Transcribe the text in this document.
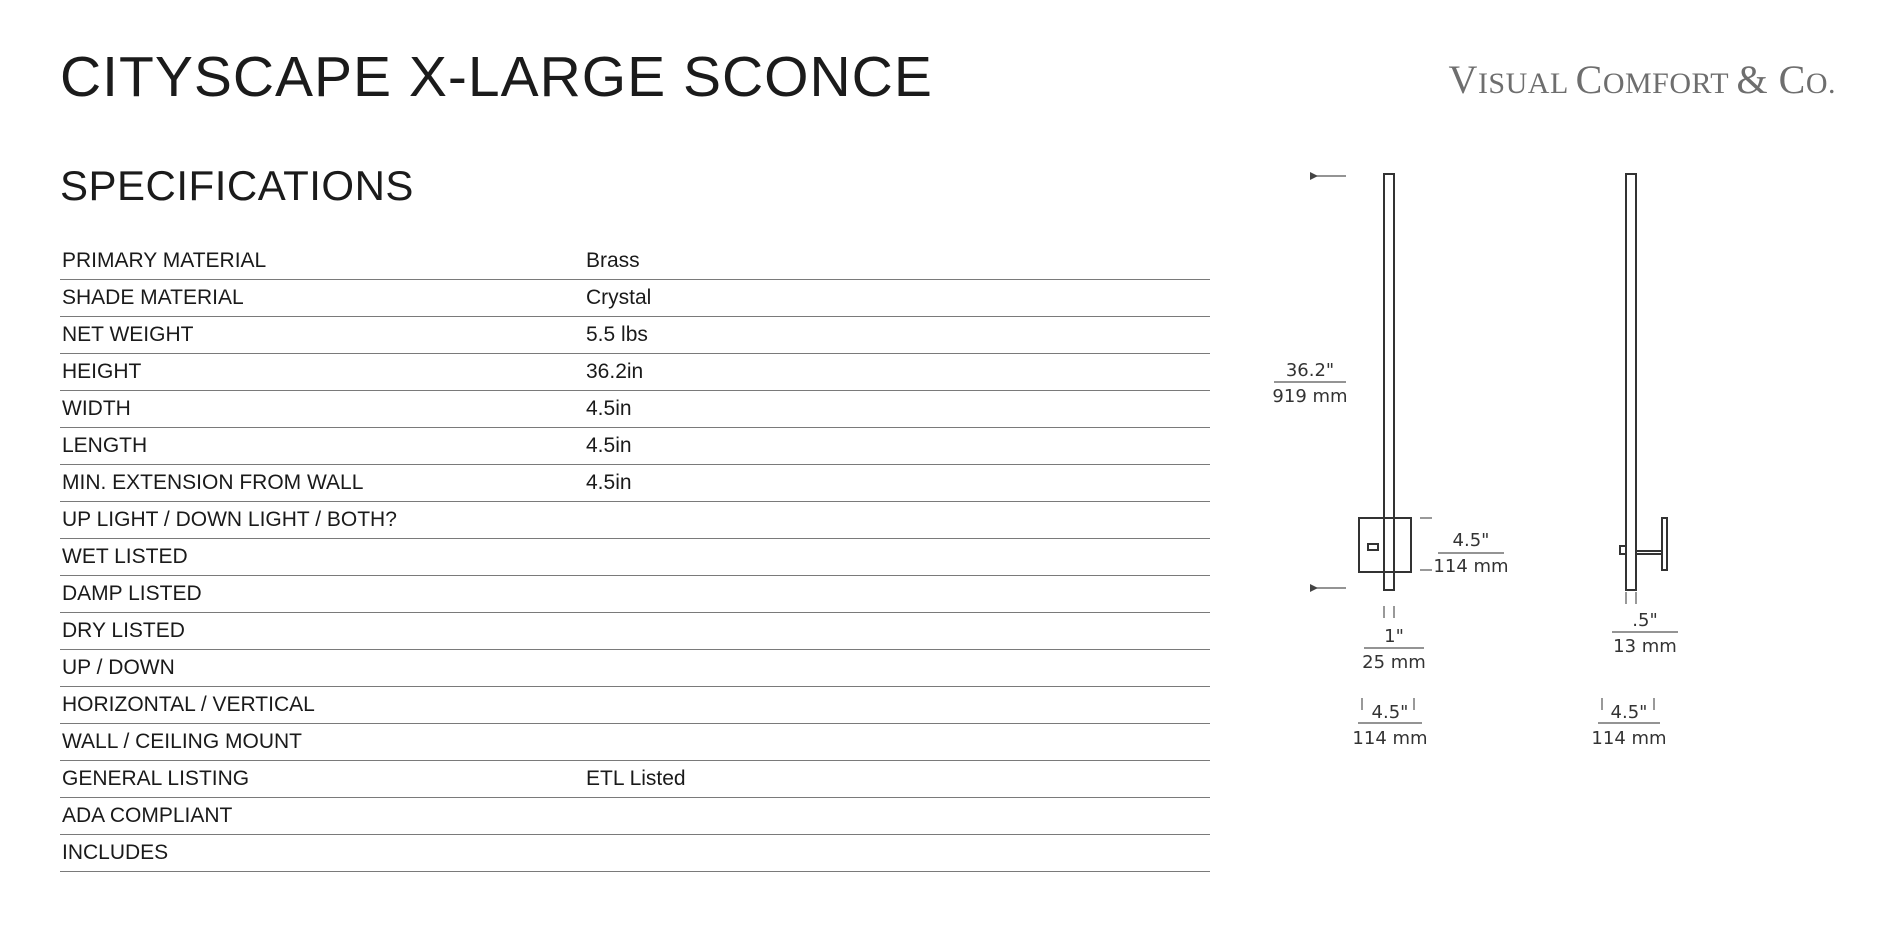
CITYSCAPE X-LARGE SCONCE	VISUAL COMFORT & CO.
SPECIFICATIONS
PRIMARY MATERIAL	Brass
SHADE MATERIAL	Crystal
NET WEIGHT	5.5 lbs
HEIGHT	36.2in
WIDTH	4.5in
LENGTH	4.5in
MIN. EXTENSION FROM WALL	4.5in
UP LIGHT / DOWN LIGHT / BOTH?	
WET LISTED	
DAMP LISTED	
DRY LISTED	
UP / DOWN	
HORIZONTAL / VERTICAL	
WALL / CEILING MOUNT	
GENERAL LISTING	ETL Listed
ADA COMPLIANT	
INCLUDES	
36.2"
919 mm
4.5"
114 mm
1"
25 mm
.5"
13 mm
4.5"
114 mm
4.5"
114 mm
